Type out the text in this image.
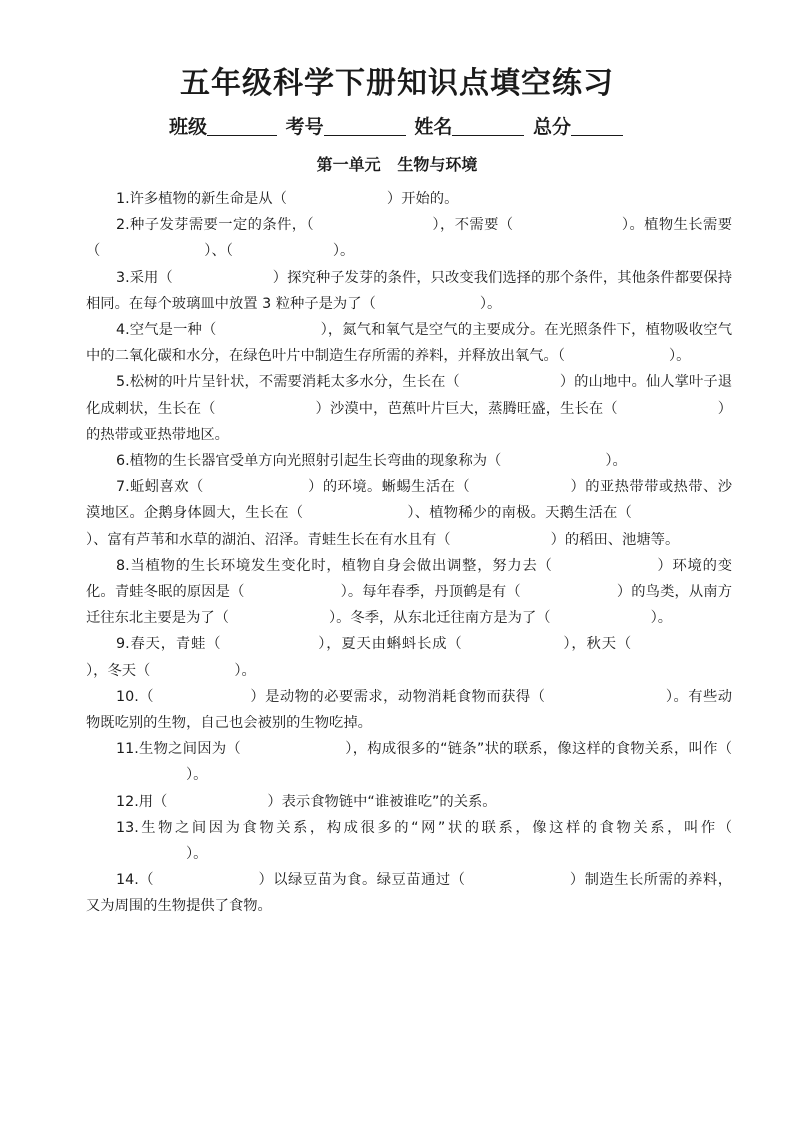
五年级科学下册知识点填空练习
班级	考号	姓名	总分
第一单元   生物与环境

1.许多植物的新生命是从（	）开始的。

2.种子发芽需要一定的条件，（	），不需要（	）。植物生长需要（	）、（	）。

3.采用（	）探究种子发芽的条件，只改变我们选择的那个条件，其他条件都要保持相同。在每个玻璃皿中放置 3 粒种子是为了（	）。

4.空气是一种（	），氮气和氧气是空气的主要成分。在光照条件下，植物吸收空气中的二氧化碳和水分，在绿色叶片中制造生存所需的养料，并释放出氧气。（	）。

5.松树的叶片呈针状，不需要消耗太多水分，生长在（	）的山地中。仙人掌叶子退化成刺状，生长在（	）沙漠中，芭蕉叶片巨大，蒸腾旺盛，生长在（	）的热带或亚热带地区。

6.植物的生长器官受单方向光照射引起生长弯曲的现象称为（	）。

7.蚯蚓喜欢（	）的环境。蜥蜴生活在（	）的亚热带带或热带、沙漠地区。企鹅身体圆大，生长在（	）、植物稀少的南极。天鹅生活在（）、富有芦苇和水草的湖泊、沼泽。青蛙生长在有水且有（	）的稻田、池塘等。

8.当植物的生长环境发生变化时，植物自身会做出调整，努力去（	）环境的变化。青蛙冬眠的原因是（	）。每年春季，丹顶鹤是有（	）的鸟类，从南方迁往东北主要是为了（	）。冬季，从东北迁往南方是为了（	）。

9.春天，青蛙（	），夏天由蝌蚪长成（	），秋天（），冬天（	）。

10.（	）是动物的必要需求，动物消耗食物而获得（	）。有些动物既吃别的生物，自己也会被别的生物吃掉。

11.生物之间因为（	），构成很多的“链条”状的联系，像这样的食物关系，叫作（）。

12.用（	）表示食物链中“谁被谁吃”的关系。

13.生物之间因为食物关系，构成很多的“网”状的联系，像这样的食物关系，叫作（）。

14.（	）以绿豆苗为食。绿豆苗通过（	）制造生长所需的养料，又为周围的生物提供了食物。
